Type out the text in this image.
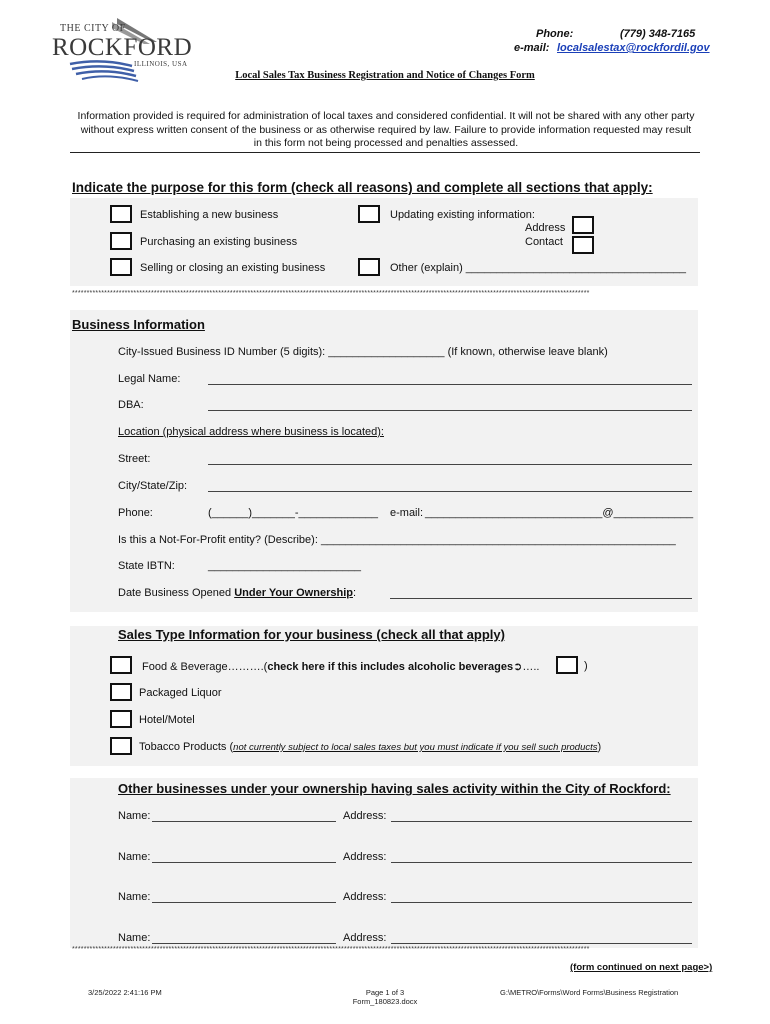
THE CITY OF
ROCKFORD
ILLINOIS, USA
Phone:	(779) 348-7165
e-mail: localsalestax@rockfordil.gov
Local Sales Tax Business Registration and Notice of Changes Form
Information provided is required for administration of local taxes and considered confidential. It will not be shared with any other party without express written consent of the business or as otherwise required by law. Failure to provide information requested may result in this form not being processed and penalties assessed.
Indicate the purpose for this form (check all reasons) and complete all sections that apply:
Establishing a new business
Purchasing an existing business
Selling or closing an existing business
Updating existing information:
Address
Contact
Other (explain) ____________________________________
*********************************************************************************************************************************************************************************
Business Information
City-Issued Business ID Number (5 digits): ___________________ (If known, otherwise leave blank)
Legal Name:
DBA:
Location (physical address where business is located):
Street:
City/State/Zip:
Phone:	(______)_______-_____________ e-mail: _____________________________@_____________
Is this a Not-For-Profit entity? (Describe): __________________________________________________________
State IBTN:	_________________________
Date Business Opened Under Your Ownership:
Sales Type Information for your business (check all that apply)
Food & Beverage……….(check here if this includes alcoholic beverages➲…..	)
Packaged Liquor
Hotel/Motel
Tobacco Products (not currently subject to local sales taxes but you must indicate if you sell such products)
Other businesses under your ownership having sales activity within the City of Rockford:
Name:	Address:
Name:	Address:
Name:	Address:
Name:	Address:
*********************************************************************************************************************************************************************************
(form continued on next page>)
3/25/2022 2:41:16 PM	Page 1 of 3
Form_180823.docx
G:\METRO\Forms\Word Forms\Business Registration
